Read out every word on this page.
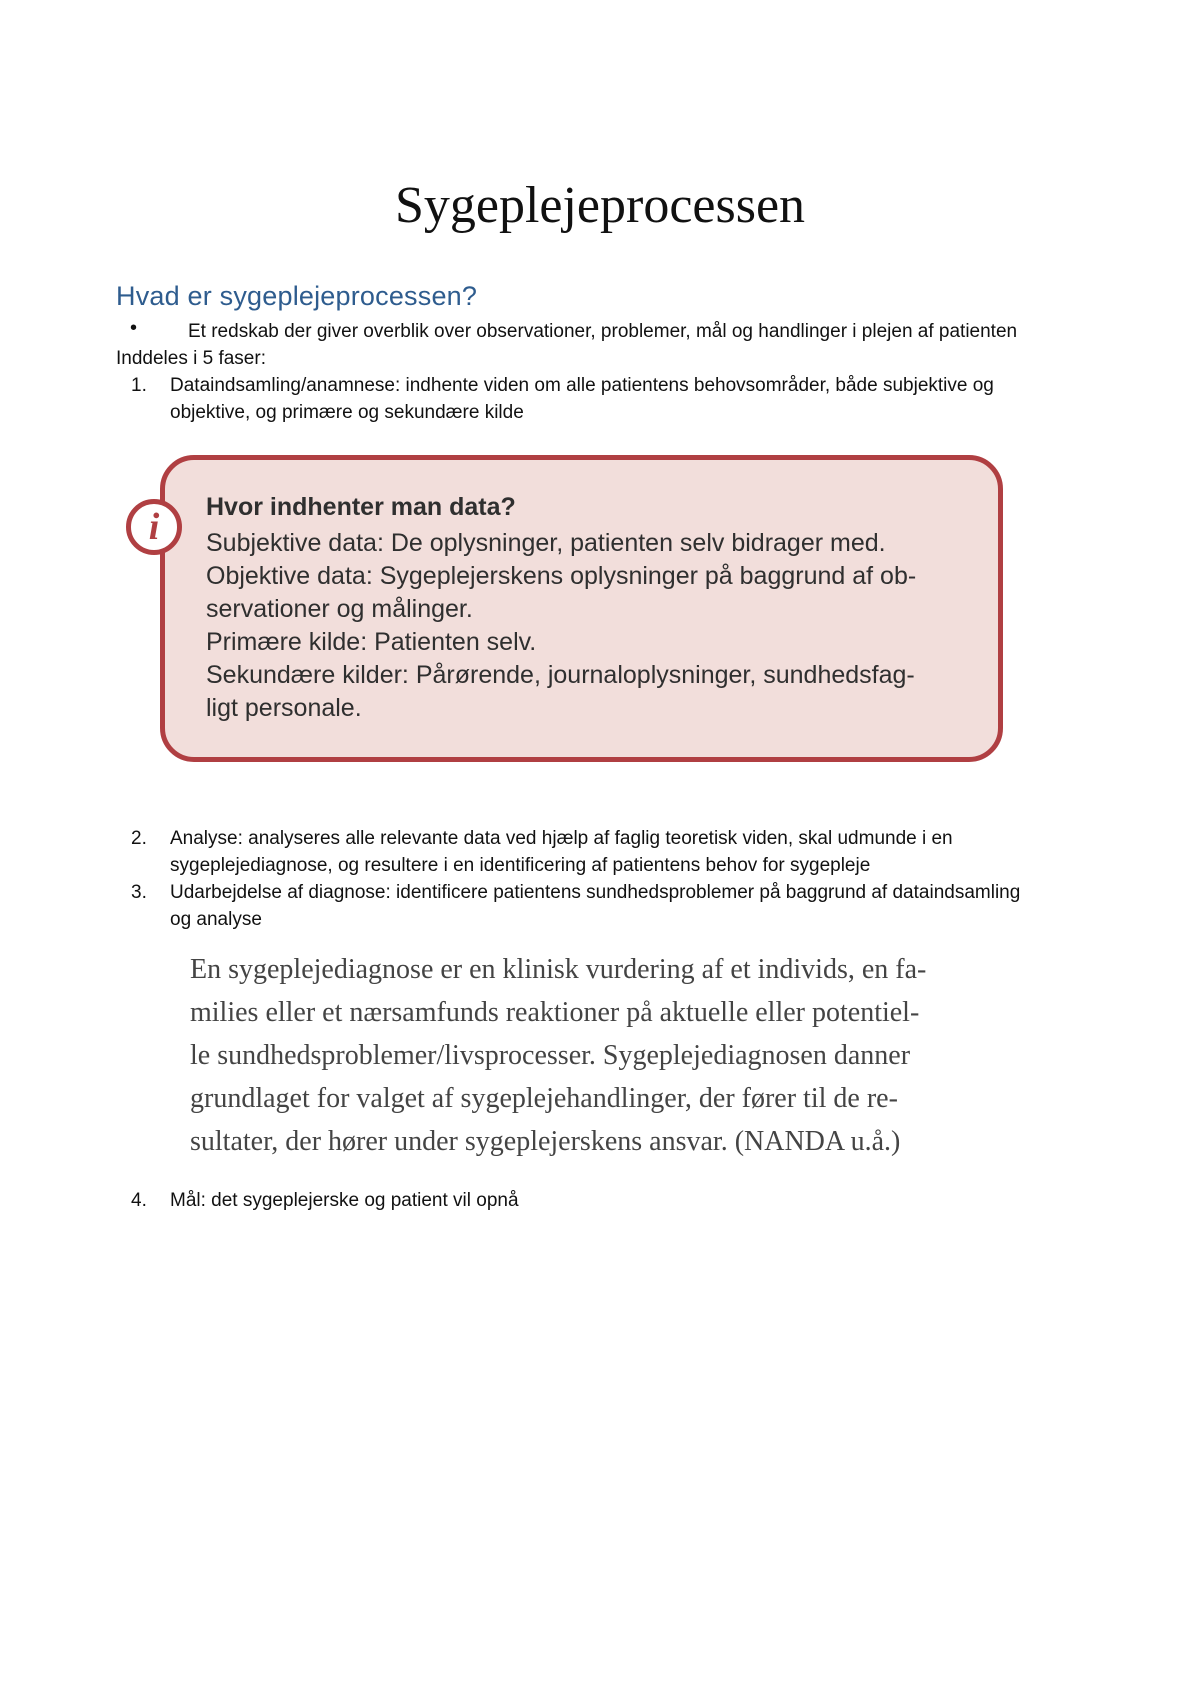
Sygeplejeprocessen
Hvad er sygeplejeprocessen?
•	Et redskab der giver overblik over observationer, problemer, mål og handlinger i plejen af patienten
Inddeles i 5 faser:
1. Dataindsamling/anamnese: indhente viden om alle patientens behovsområder, både subjektive og
objektive, og primære og sekundære kilde
i	Hvor indhenter man data?
Subjektive data: De oplysninger, patienten selv bidrager med.
Objektive data: Sygeplejerskens oplysninger på baggrund af ob-
servationer og målinger.
Primære kilde: Patienten selv.
Sekundære kilder: Pårørende, journaloplysninger, sundhedsfag-
ligt personale.
2. Analyse: analyseres alle relevante data ved hjælp af faglig teoretisk viden, skal udmunde i en
sygeplejediagnose, og resultere i en identificering af patientens behov for sygepleje
3. Udarbejdelse af diagnose: identificere patientens sundhedsproblemer på baggrund af dataindsamling
og analyse
En sygeplejediagnose er en klinisk vurdering af et individs, en fa-
milies eller et nærsamfunds reaktioner på aktuelle eller potentiel-
le sundhedsproblemer/livsprocesser. Sygeplejediagnosen danner
grundlaget for valget af sygeplejehandlinger, der fører til de re-
sultater, der hører under sygeplejerskens ansvar. (NANDA u.å.)
4. Mål: det sygeplejerske og patient vil opnå
